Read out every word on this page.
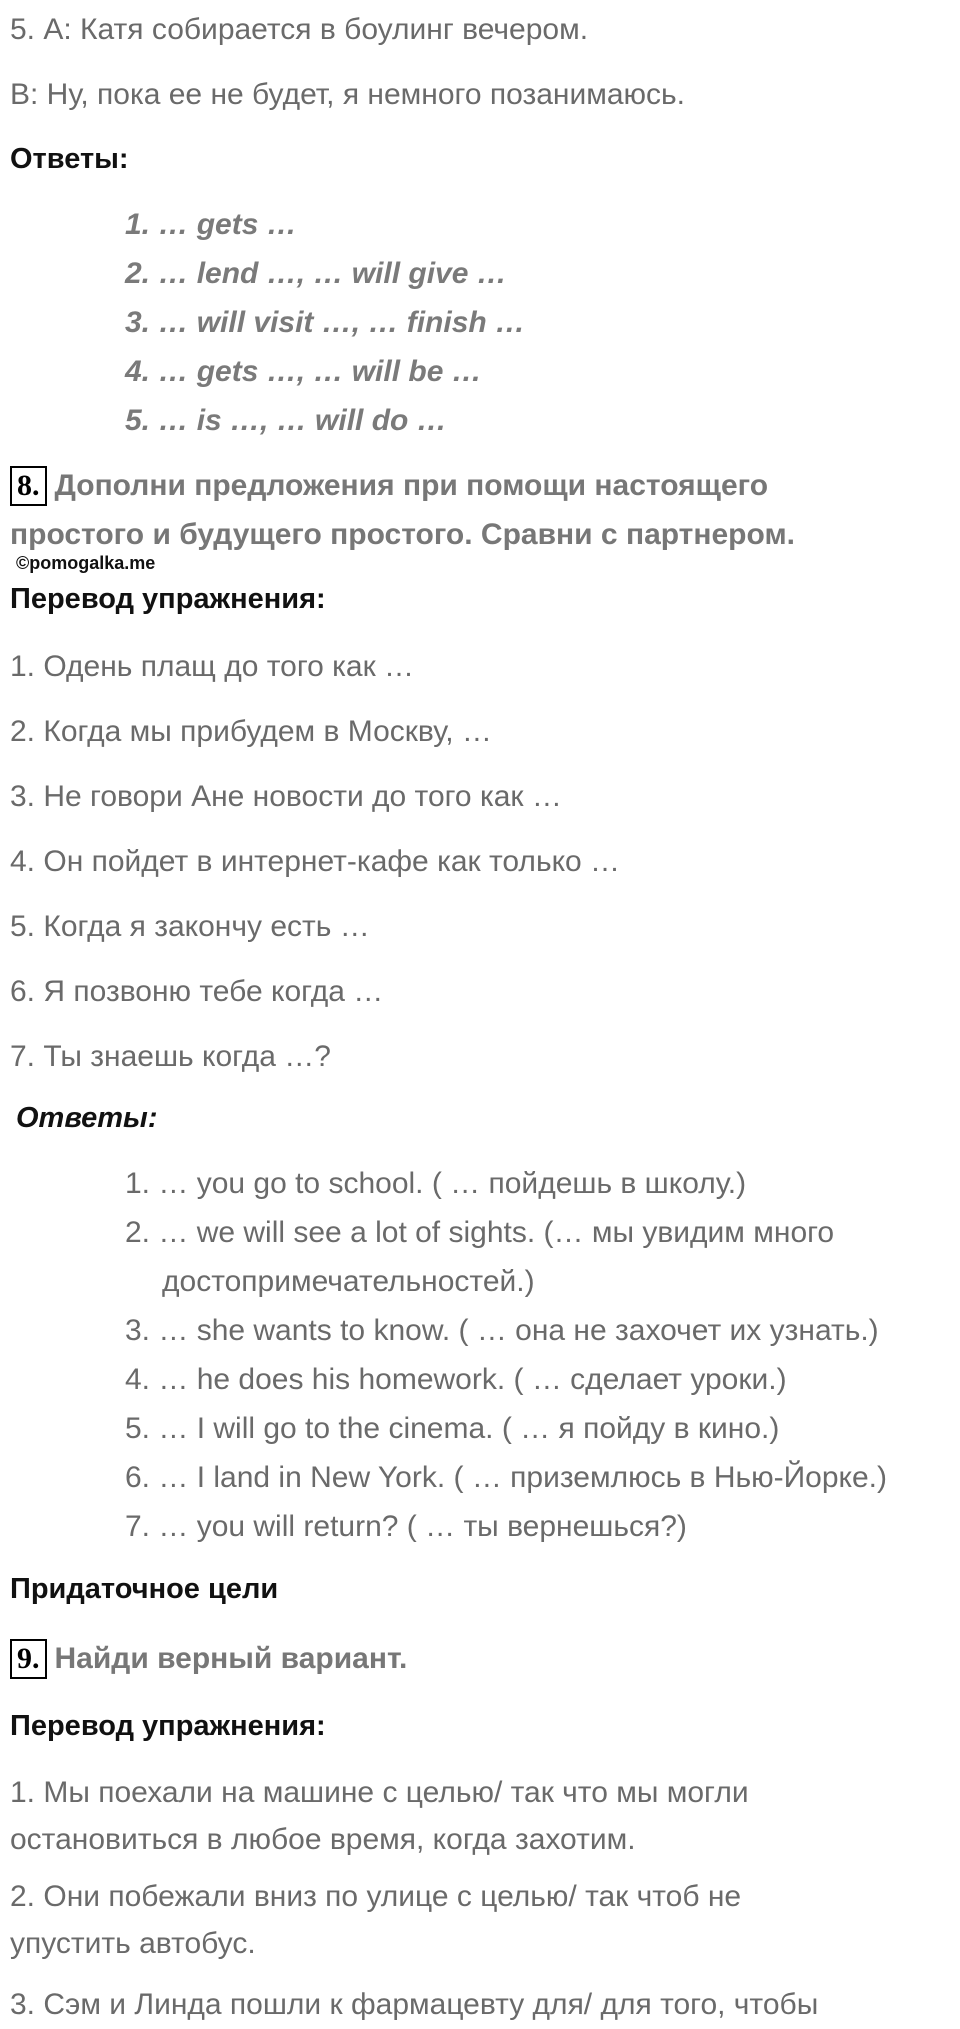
5. А: Катя собирается в боулинг вечером.
В: Ну, пока ее не будет, я немного позанимаюсь.
Ответы:
1. … gets …
2. … lend …, … will give …
3. … will visit …, … finish …
4. … gets …, … will be …
5. … is …, … will do …
8. Дополни предложения при помощи настоящего
простого и будущего простого. Сравни с партнером.
©pomogalka.me
Перевод упражнения:
1. Одень плащ до того как …
2. Когда мы прибудем в Москву, …
3. Не говори Ане новости до того как …
4. Он пойдет в интернет-кафе как только …
5. Когда я закончу есть …
6. Я позвоню тебе когда …
7. Ты знаешь когда …?
Ответы:
1. … you go to school. ( … пойдешь в школу.)
2. … we will see a lot of sights. (… мы увидим много
достопримечательностей.)
3. … she wants to know. ( … она не захочет их узнать.)
4. … he does his homework. ( … сделает уроки.)
5. … I will go to the cinema. ( … я пойду в кино.)
6. … I land in New York. ( … приземлюсь в Нью-Йорке.)
7. … you will return? ( … ты вернешься?)
Придаточное цели
9. Найди верный вариант.
Перевод упражнения:
1. Мы поехали на машине с целью/ так что мы могли
остановиться в любое время, когда захотим.
2. Они побежали вниз по улице с целью/ так чтоб не
упустить автобус.
3. Сэм и Линда пошли к фармацевту для/ для того, чтобы
